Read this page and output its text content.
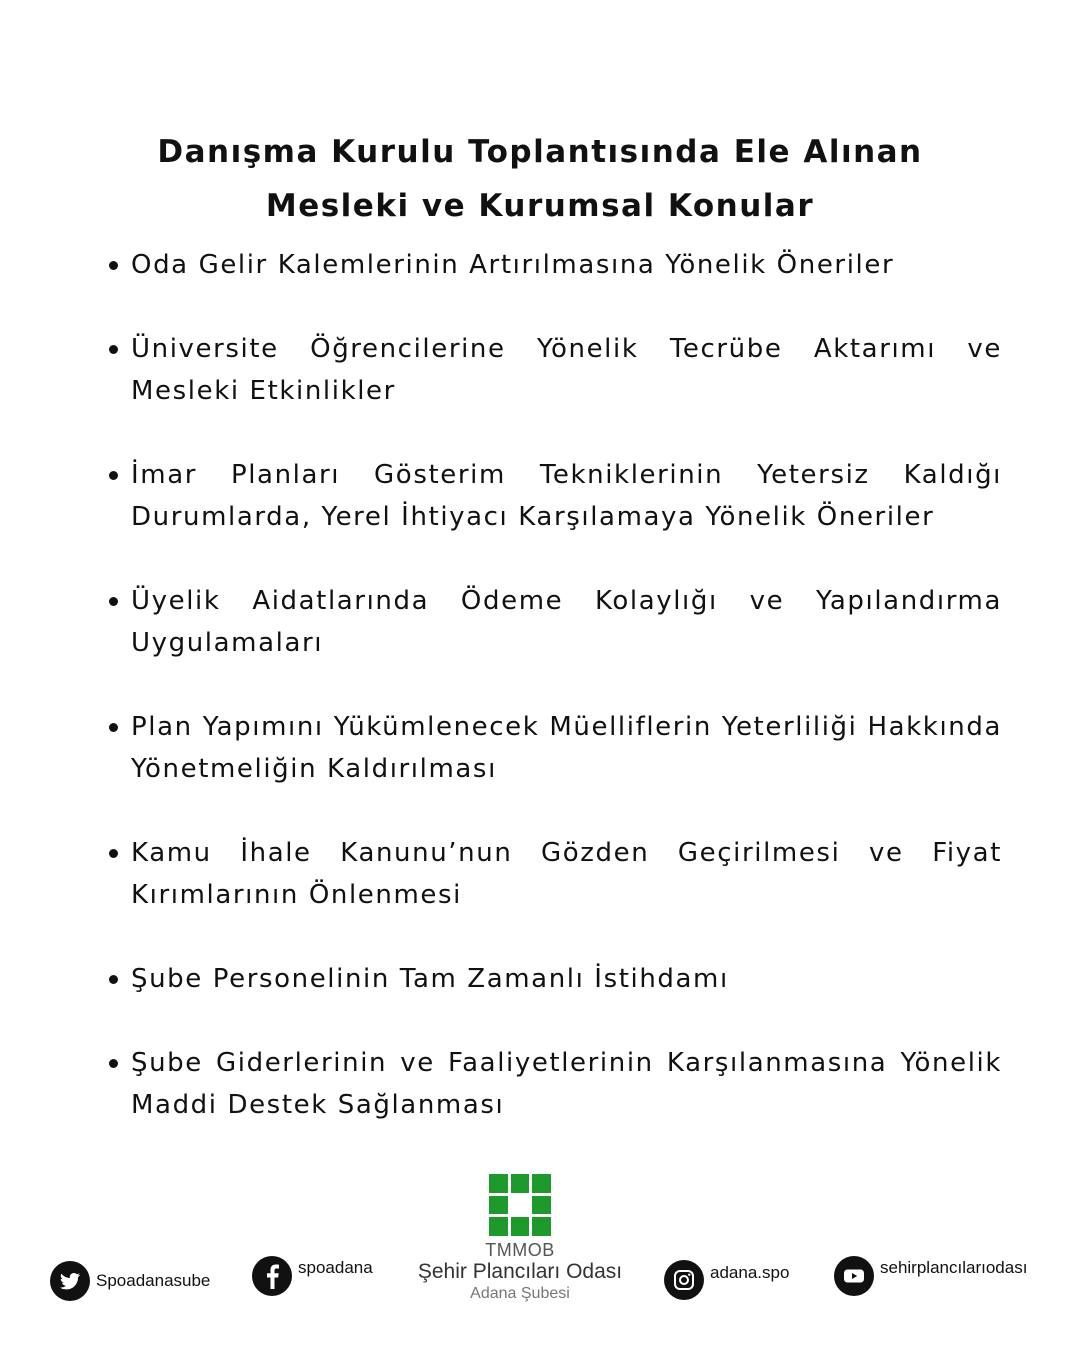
Danışma Kurulu Toplantısında Ele Alınan Mesleki ve Kurumsal Konular
Oda Gelir Kalemlerinin Artırılmasına Yönelik Öneriler
Üniversite Öğrencilerine Yönelik Tecrübe Aktarımı ve Mesleki Etkinlikler
İmar Planları Gösterim Tekniklerinin Yetersiz Kaldığı Durumlarda, Yerel İhtiyacı Karşılamaya Yönelik Öneriler
Üyelik Aidatlarında Ödeme Kolaylığı ve Yapılandırma Uygulamaları
Plan Yapımını Yükümlenecek Müelliflerin Yeterliliği Hakkında Yönetmeliğin Kaldırılması
Kamu İhale Kanunu’nun Gözden Geçirilmesi ve Fiyat Kırımlarının Önlenmesi
Şube Personelinin Tam Zamanlı İstihdamı
Şube Giderlerinin ve Faaliyetlerinin Karşılanmasına Yönelik Maddi Destek Sağlanması
Spoadanasube
spoadana
TMMOB
Şehir Plancıları Odası
Adana Şubesi
adana.spo	sehirplancılarıodası
